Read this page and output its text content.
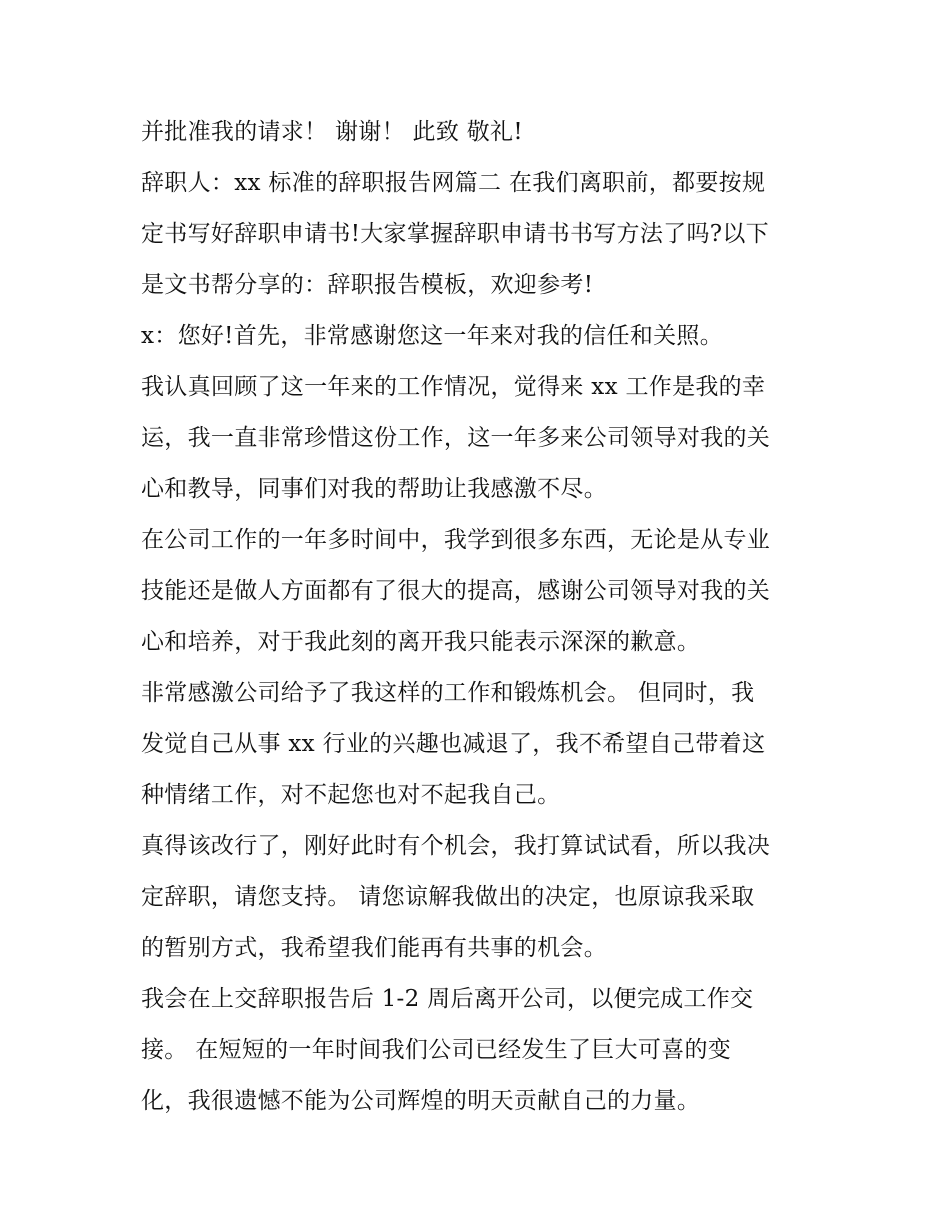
并批准我的请求！ 谢谢！ 此致 敬礼!
辞职人：xx 标准的辞职报告网篇二 在我们离职前，都要按规
定书写好辞职申请书!大家掌握辞职申请书书写方法了吗?以下
是文书帮分享的：辞职报告模板，欢迎参考!
x：您好!首先，非常感谢您这一年来对我的信任和关照。
我认真回顾了这一年来的工作情况，觉得来 xx 工作是我的幸
运，我一直非常珍惜这份工作，这一年多来公司领导对我的关
心和教导，同事们对我的帮助让我感激不尽。
在公司工作的一年多时间中，我学到很多东西，无论是从专业
技能还是做人方面都有了很大的提高，感谢公司领导对我的关
心和培养，对于我此刻的离开我只能表示深深的歉意。
非常感激公司给予了我这样的工作和锻炼机会。 但同时，我
发觉自己从事 xx 行业的兴趣也减退了，我不希望自己带着这
种情绪工作，对不起您也对不起我自己。
真得该改行了，刚好此时有个机会，我打算试试看，所以我决
定辞职，请您支持。 请您谅解我做出的决定，也原谅我采取
的暂别方式，我希望我们能再有共事的机会。
我会在上交辞职报告后 1-2 周后离开公司，以便完成工作交
接。 在短短的一年时间我们公司已经发生了巨大可喜的变
化，我很遗憾不能为公司辉煌的明天贡献自己的力量。
